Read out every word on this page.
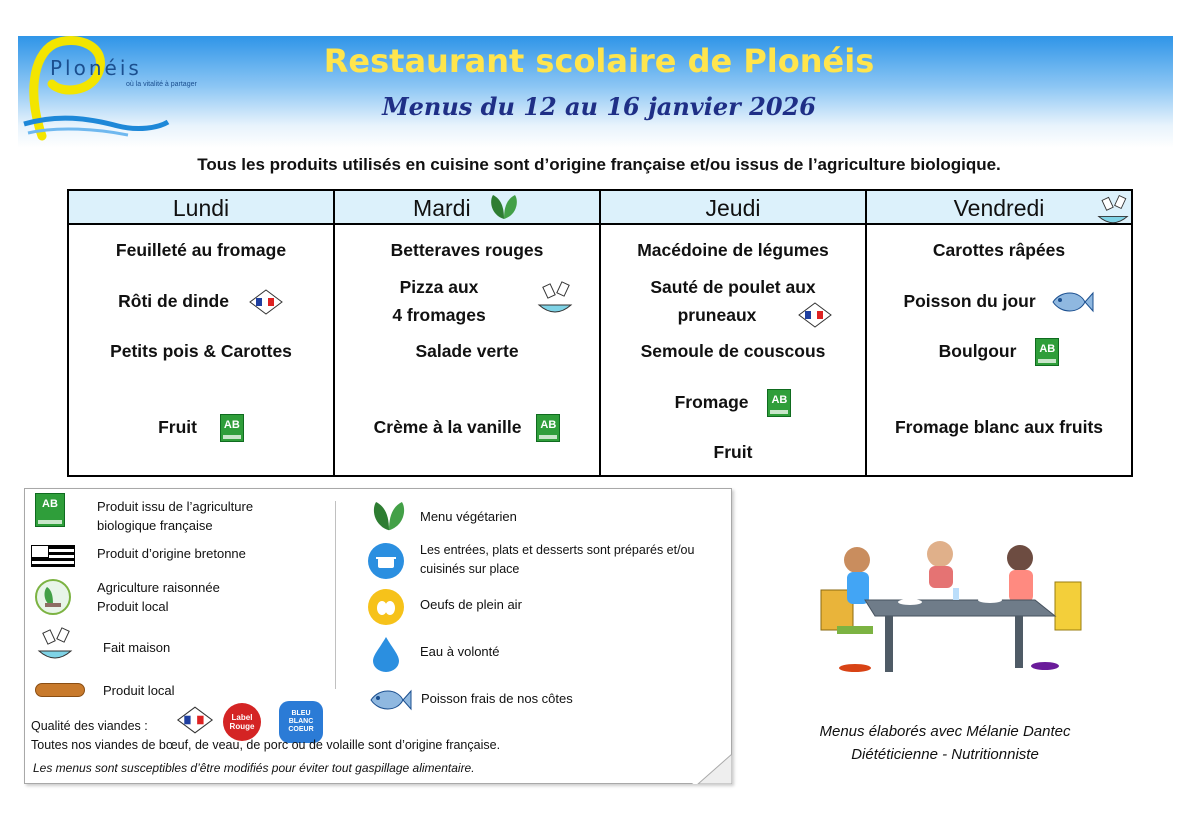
Plonéis
où la vitalité à partager
Restaurant scolaire de Plonéis
Menus du 12 au 16 janvier 2026
Tous les produits utilisés en cuisine sont d’origine française et/ou issus de l’agriculture biologique.
Lundi
Feuilleté au fromage
Rôti de dinde
Petits pois & Carottes
Fruit AB
Mardi
Betteraves rouges
Pizza aux
4 fromages
Salade verte
Crème à la vanille AB
Jeudi
Macédoine de légumes
Sauté de poulet aux
pruneaux
Semoule de couscous
Fromage AB
Fruit
Vendredi
Carottes râpées
Poisson du jour
Boulgour AB
Fromage blanc aux fruits
AB	Produit issu de l’agriculture
biologique française
Produit d’origine bretonne
Agriculture raisonnée
Produit local
Fait maison
Produit local
Menu végétarien
Les entrées, plats et desserts sont préparés et/ou
cuisinés sur place
Oeufs de plein air
Eau à volonté
Poisson frais de nos côtes
Qualité des viandes :
Label Rouge
BLEU BLANC COEUR
Toutes nos viandes de bœuf, de veau, de porc ou de volaille sont d’origine française.
Les menus sont susceptibles d’être modifiés pour éviter tout gaspillage alimentaire.
Menus élaborés avec Mélanie Dantec
Diététicienne - Nutritionniste
